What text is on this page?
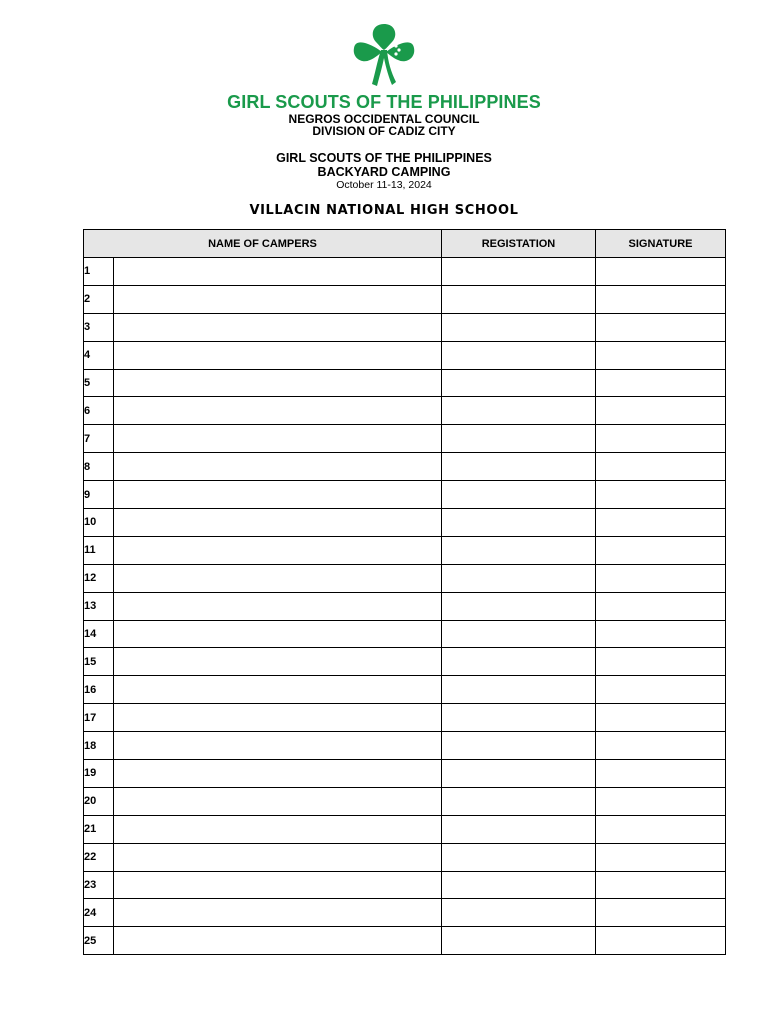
GIRL SCOUTS OF THE PHILIPPINES
NEGROS OCCIDENTAL COUNCIL
DIVISION OF CADIZ CITY
GIRL SCOUTS OF THE PHILIPPINES
BACKYARD CAMPING
October 11-13, 2024
VILLACIN NATIONAL HIGH SCHOOL
NAME OF CAMPERS		REGISTATION	SIGNATURE
1			
2			
3			
4			
5			
6			
7			
8			
9			
10			
11			
12			
13			
14			
15			
16			
17			
18			
19			
20			
21			
22			
23			
24			
25			
